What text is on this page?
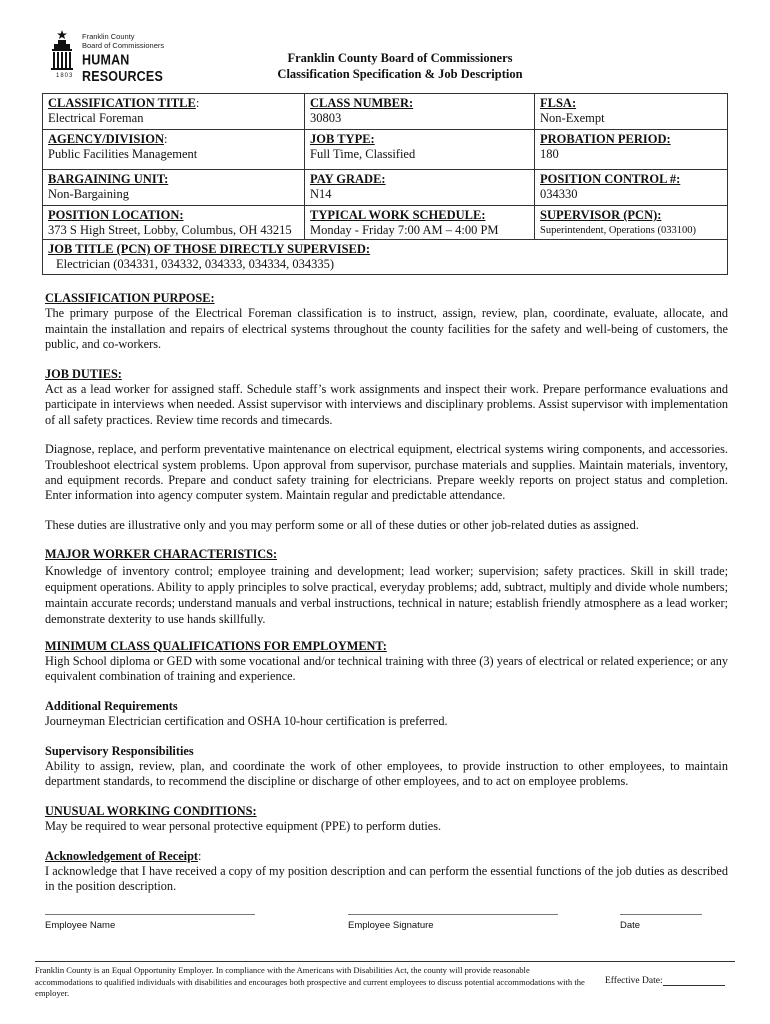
Franklin County
Board of Commissioners
HUMAN RESOURCES
1803
Franklin County Board of Commissioners
Classification Specification & Job Description
CLASSIFICATION TITLE:
Electrical Foreman
CLASS NUMBER:
30803
FLSA:
Non-Exempt
AGENCY/DIVISION:
Public Facilities Management
JOB TYPE:
Full Time, Classified
PROBATION PERIOD:
180
BARGAINING UNIT:
Non-Bargaining
PAY GRADE:
N14
POSITION CONTROL #:
034330
POSITION LOCATION:
373 S High Street, Lobby, Columbus, OH 43215
TYPICAL WORK SCHEDULE:
Monday - Friday 7:00 AM – 4:00 PM
SUPERVISOR (PCN):
Superintendent, Operations (033100)
JOB TITLE (PCN) OF THOSE DIRECTLY SUPERVISED:
Electrician (034331, 034332, 034333, 034334, 034335)
CLASSIFICATION PURPOSE:

The primary purpose of the Electrical Foreman classification is to instruct, assign, review, plan, coordinate, evaluate, allocate, and maintain the installation and repairs of electrical systems throughout the county facilities for the safety and well-being of customers, the public, and co-workers.

JOB DUTIES:

Act as a lead worker for assigned staff. Schedule staff’s work assignments and inspect their work. Prepare performance evaluations and participate in interviews when needed. Assist supervisor with interviews and disciplinary problems. Assist supervisor with implementation of all safety practices. Review time records and timecards.

Diagnose, replace, and perform preventative maintenance on electrical equipment, electrical systems wiring components, and accessories. Troubleshoot electrical system problems. Upon approval from supervisor, purchase materials and supplies. Maintain materials, inventory, and equipment records. Prepare and conduct safety training for electricians. Prepare weekly reports on project status and completion. Enter information into agency computer system. Maintain regular and predictable attendance.

These duties are illustrative only and you may perform some or all of these duties or other job-related duties as assigned.

MAJOR WORKER CHARACTERISTICS:

Knowledge of inventory control; employee training and development; lead worker; supervision; safety practices. Skill in skill trade; equipment operations. Ability to apply principles to solve practical, everyday problems; add, subtract, multiply and divide whole numbers; maintain accurate records; understand manuals and verbal instructions, technical in nature; establish friendly atmosphere as a lead worker; demonstrate dexterity to use hands skillfully.

MINIMUM CLASS QUALIFICATIONS FOR EMPLOYMENT:

High School diploma or GED with some vocational and/or technical training with three (3) years of electrical or related experience; or any equivalent combination of training and experience.

Additional Requirements

Journeyman Electrician certification and OSHA 10-hour certification is preferred.

Supervisory Responsibilities

Ability to assign, review, plan, and coordinate the work of other employees, to provide instruction to other employees, to maintain department standards, to recommend the discipline or discharge of other employees, and to act on employee problems.

UNUSUAL WORKING CONDITIONS:

May be required to wear personal protective equipment (PPE) to perform duties.

Acknowledgement of Receipt:

I acknowledge that I have received a copy of my position description and can perform the essential functions of the job duties as described in the position description.

Employee Name	Employee Signature	Date
Franklin County is an Equal Opportunity Employer. In compliance with the Americans with Disabilities Act, the county will provide reasonable accommodations to qualified individuals with disabilities and encourages both prospective and current employees to discuss potential accommodations with the employer.
Effective Date:
